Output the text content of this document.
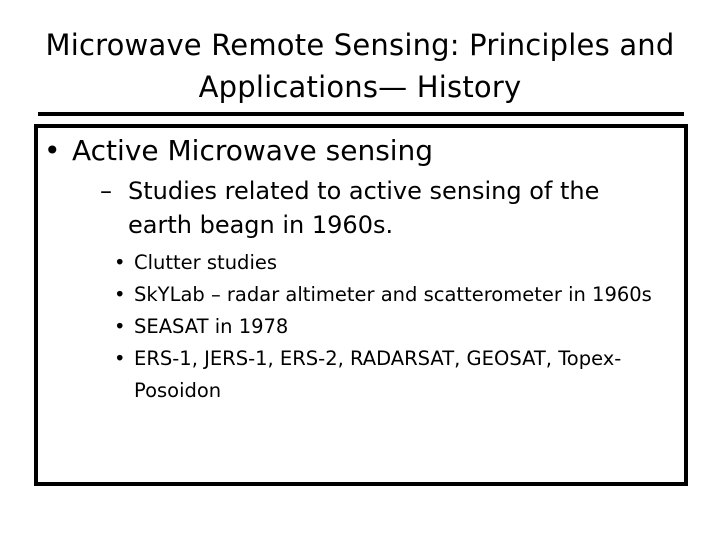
Microwave Remote Sensing: Principles and
Applications— History
• Active Microwave sensing
– Studies related to active sensing of the earth beagn in 1960s.
• Clutter studies
• SkYLab – radar altimeter and scatterometer in 1960s
• SEASAT in 1978
• ERS-1, JERS-1, ERS-2, RADARSAT, GEOSAT, Topex-Posoidon
